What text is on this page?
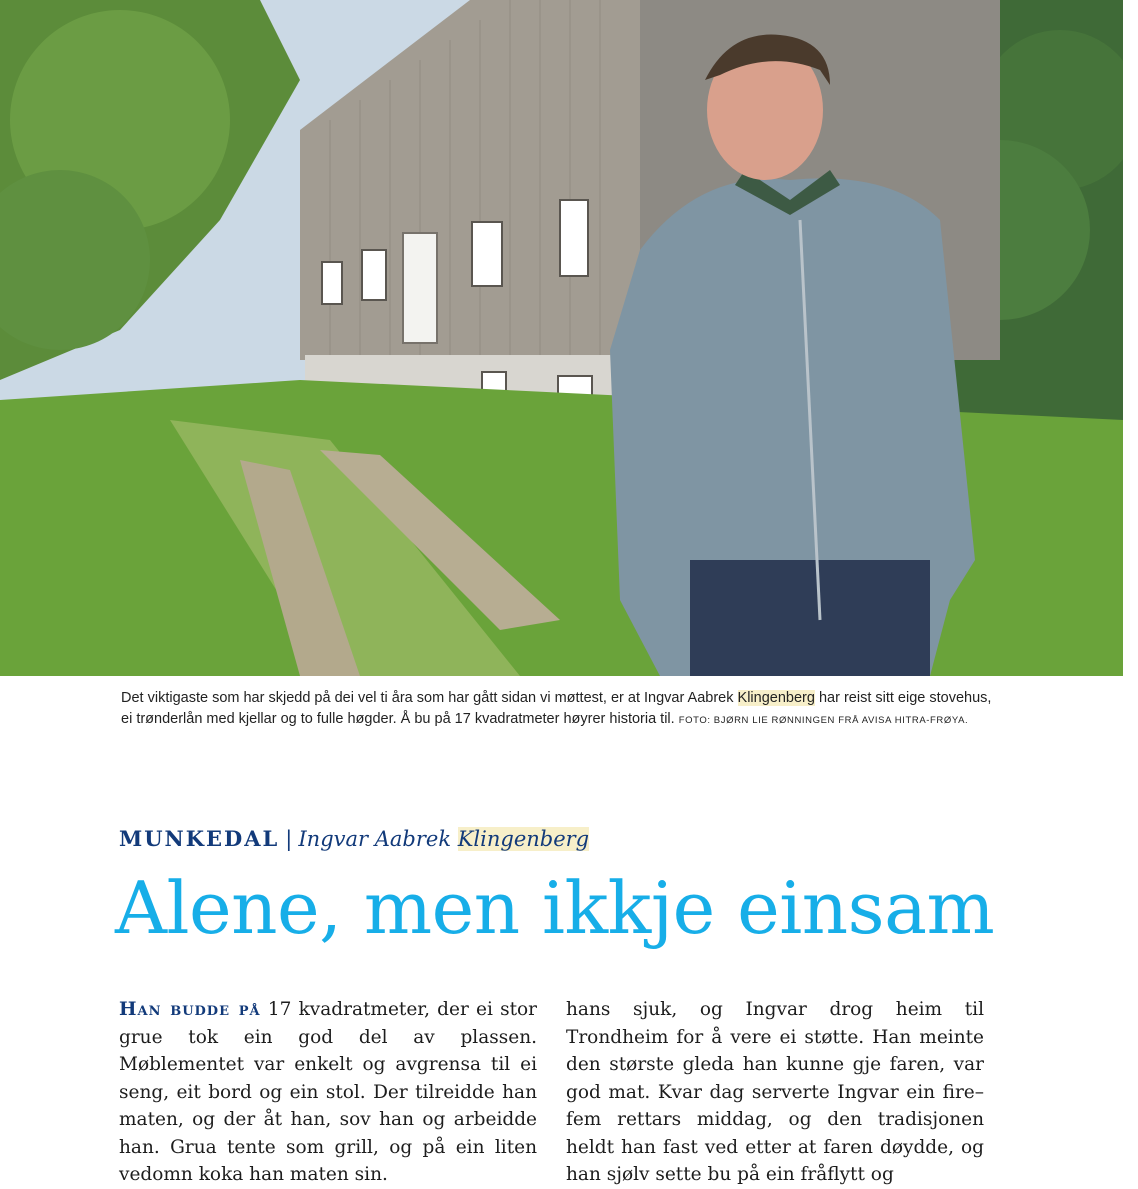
Det viktigaste som har skjedd på dei vel ti åra som har gått sidan vi møttest, er at Ingvar Aabrek Klingenberg har reist sitt eige stovehus, ei trønderlån med kjellar og to fulle høgder. Å bu på 17 kvadratmeter høyrer historia til. FOTO: BJØRN LIE RØNNINGEN FRÅ AVISA HITRA-FRØYA.
MUNKEDAL | Ingvar Aabrek Klingenberg
Alene, men ikkje einsam
Han budde på 17 kvadratmeter, der ei stor grue tok ein god del av plassen. Møblementet var enkelt og avgrensa til ei seng, eit bord og ein stol. Der tilreidde han maten, og der åt han, sov han og arbeidde han. Grua tente som grill, og på ein liten vedomn koka han maten sin.
hans sjuk, og Ingvar drog heim til Trondheim for å vere ei støtte. Han meinte den største gleda han kunne gje faren, var god mat. Kvar dag serverte Ingvar ein fire–fem rettars middag, og den tradisjonen heldt han fast ved etter at faren døydde, og han sjølv sette bu på ein fråflytt og
